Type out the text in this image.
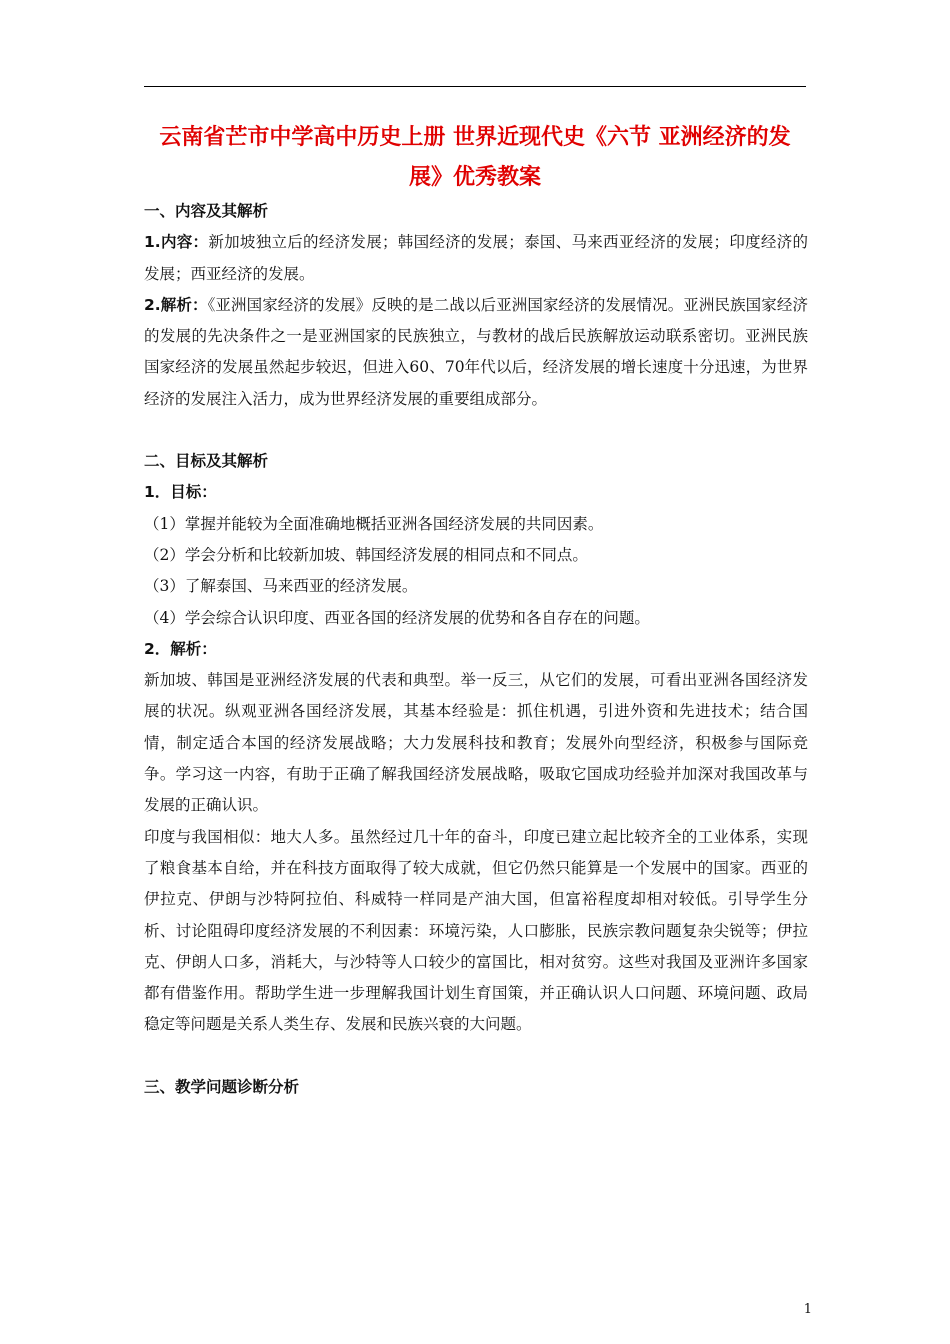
云南省芒市中学高中历史上册 世界近现代史《六节 亚洲经济的发展》优秀教案

一、内容及其解析

1.内容：新加坡独立后的经济发展；韩国经济的发展；泰国、马来西亚经济的发展；印度经济的发展；西亚经济的发展。

2.解析：《亚洲国家经济的发展》反映的是二战以后亚洲国家经济的发展情况。亚洲民族国家经济的发展的先决条件之一是亚洲国家的民族独立，与教材的战后民族解放运动联系密切。亚洲民族国家经济的发展虽然起步较迟，但进入60、70年代以后，经济发展的增长速度十分迅速，为世界经济的发展注入活力，成为世界经济发展的重要组成部分。

二、目标及其解析

1．目标：

（1）掌握并能较为全面准确地概括亚洲各国经济发展的共同因素。

（2）学会分析和比较新加坡、韩国经济发展的相同点和不同点。

（3）了解泰国、马来西亚的经济发展。

（4）学会综合认识印度、西亚各国的经济发展的优势和各自存在的问题。

2．解析：

新加坡、韩国是亚洲经济发展的代表和典型。举一反三，从它们的发展，可看出亚洲各国经济发展的状况。纵观亚洲各国经济发展，其基本经验是：抓住机遇，引进外资和先进技术；结合国情，制定适合本国的经济发展战略；大力发展科技和教育；发展外向型经济，积极参与国际竞争。学习这一内容，有助于正确了解我国经济发展战略，吸取它国成功经验并加深对我国改革与发展的正确认识。

印度与我国相似：地大人多。虽然经过几十年的奋斗，印度已建立起比较齐全的工业体系，实现了粮食基本自给，并在科技方面取得了较大成就，但它仍然只能算是一个发展中的国家。西亚的伊拉克、伊朗与沙特阿拉伯、科威特一样同是产油大国，但富裕程度却相对较低。引导学生分析、讨论阻碍印度经济发展的不利因素：环境污染，人口膨胀，民族宗教问题复杂尖锐等；伊拉克、伊朗人口多，消耗大，与沙特等人口较少的富国比，相对贫穷。这些对我国及亚洲许多国家都有借鉴作用。帮助学生进一步理解我国计划生育国策，并正确认识人口问题、环境问题、政局稳定等问题是关系人类生存、发展和民族兴衰的大问题。

三、教学问题诊断分析

1
